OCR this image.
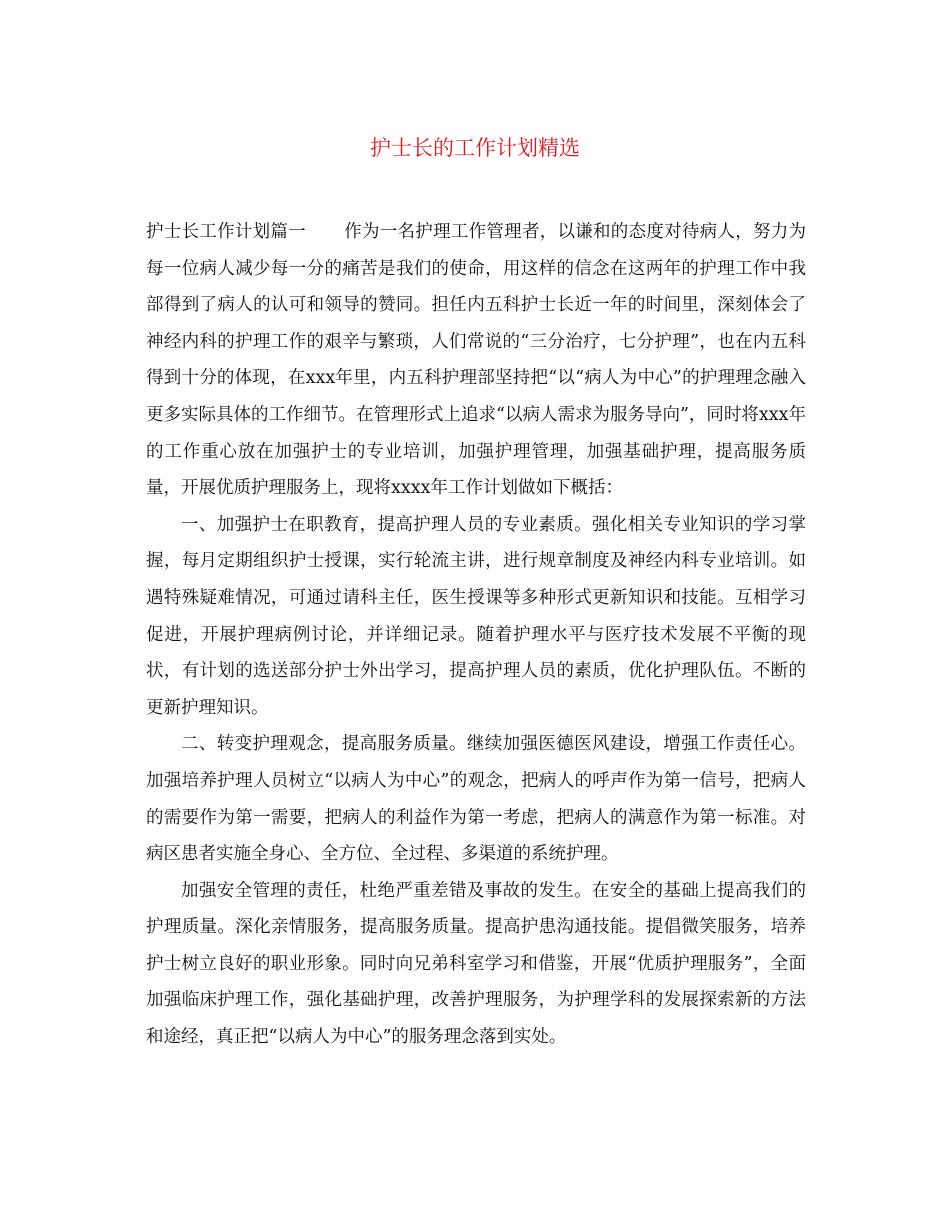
护士长的工作计划精选

护士长工作计划篇一 作为一名护理工作管理者，以谦和的态度对待病人，努力为每一位病人减少每一分的痛苦是我们的使命，用这样的信念在这两年的护理工作中我部得到了病人的认可和领导的赞同。担任内五科护士长近一年的时间里，深刻体会了神经内科的护理工作的艰辛与繁琐，人们常说的“三分治疗，七分护理”，也在内五科得到十分的体现，在xxx年里，内五科护理部坚持把“以“病人为中心”的护理理念融入更多实际具体的工作细节。在管理形式上追求“以病人需求为服务导向”，同时将xxx年的工作重心放在加强护士的专业培训，加强护理管理，加强基础护理，提高服务质量，开展优质护理服务上，现将xxxx年工作计划做如下概括：

一、加强护士在职教育，提高护理人员的专业素质。强化相关专业知识的学习掌握，每月定期组织护士授课，实行轮流主讲，进行规章制度及神经内科专业培训。如遇特殊疑难情况，可通过请科主任，医生授课等多种形式更新知识和技能。互相学习促进，开展护理病例讨论，并详细记录。随着护理水平与医疗技术发展不平衡的现状，有计划的选送部分护士外出学习，提高护理人员的素质，优化护理队伍。不断的更新护理知识。

二、转变护理观念，提高服务质量。继续加强医德医风建设，增强工作责任心。加强培养护理人员树立“以病人为中心”的观念，把病人的呼声作为第一信号，把病人的需要作为第一需要，把病人的利益作为第一考虑，把病人的满意作为第一标准。对病区患者实施全身心、全方位、全过程、多渠道的系统护理。

加强安全管理的责任，杜绝严重差错及事故的发生。在安全的基础上提高我们的护理质量。深化亲情服务，提高服务质量。提高护患沟通技能。提倡微笑服务，培养护士树立良好的职业形象。同时向兄弟科室学习和借鉴，开展“优质护理服务”，全面加强临床护理工作，强化基础护理，改善护理服务，为护理学科的发展探索新的方法和途经，真正把“以病人为中心”的服务理念落到实处。
